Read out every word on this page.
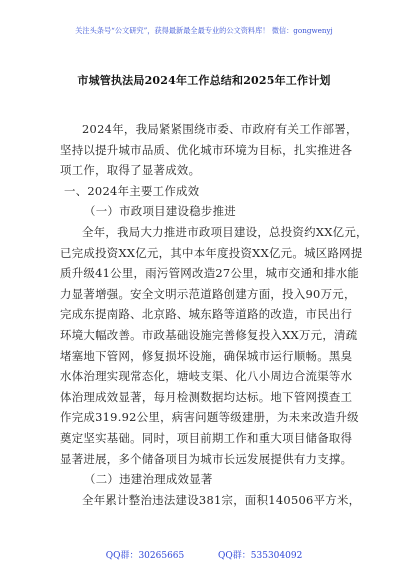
关注头条号“公文研究”，获得最新最全最专业的公文资料库！ 微信：gongwenyj
市城管执法局2024年工作总结和2025年工作计划
2024年，我局紧紧围绕市委、市政府有关工作部署，
坚持以提升城市品质、优化城市环境为目标，扎实推进各
项工作，取得了显著成效。
一、2024年主要工作成效
（一）市政项目建设稳步推进
全年，我局大力推进市政项目建设，总投资约XX亿元，
已完成投资XX亿元，其中本年度投资XX亿元。城区路网提
质升级41公里，雨污管网改造27公里，城市交通和排水能
力显著增强。安全文明示范道路创建方面，投入90万元，
完成东提南路、北京路、城东路等道路的改造，市民出行
环境大幅改善。市政基础设施完善修复投入XX万元，清疏
堵塞地下管网，修复损坏设施，确保城市运行顺畅。黑臭
水体治理实现常态化，塘岐支渠、化八小周边合流渠等水
体治理成效显著，每月检测数据均达标。地下管网摸查工
作完成319.92公里，病害问题等级建册，为未来改造升级
奠定坚实基础。同时，项目前期工作和重大项目储备取得
显著进展，多个储备项目为城市长远发展提供有力支撑。
（二）违建治理成效显著
全年累计整治违法建设381宗，面积140506平方米，
QQ群：30265665	QQ群：535304092
